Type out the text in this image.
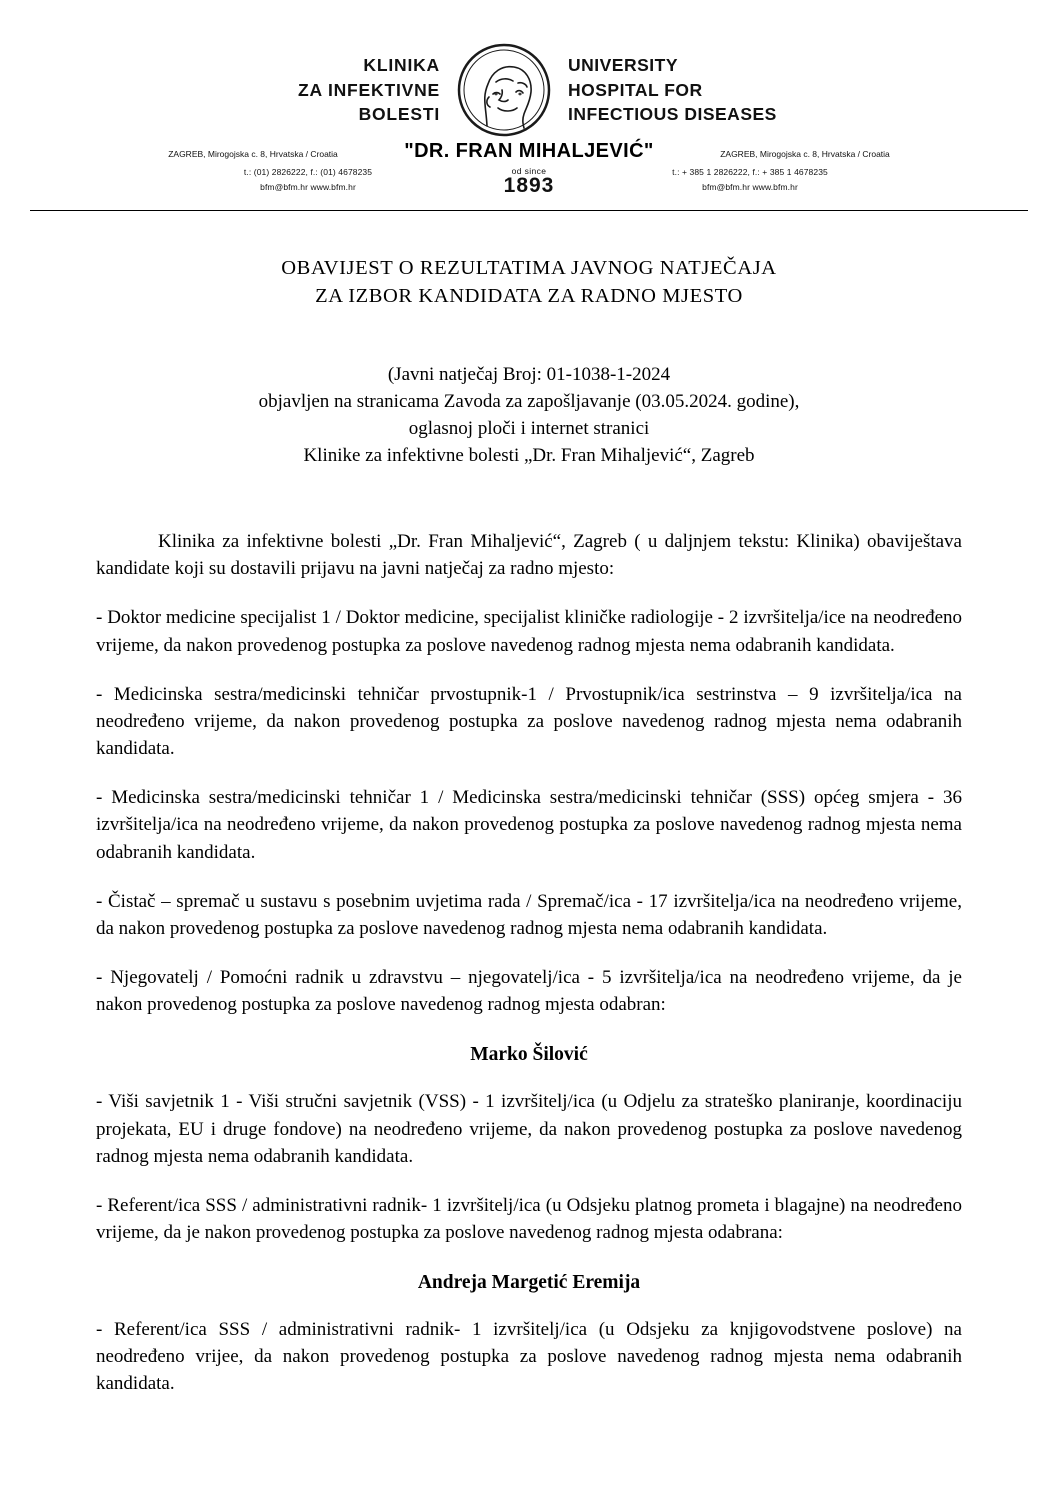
KLINIKA
ZA INFEKTIVNE
BOLESTI
UNIVERSITY
HOSPITAL FOR
INFECTIOUS DISEASES
ZAGREB, Mirogojska c. 8, Hrvatska / Croatia	"DR. FRAN MIHALJEVIĆ"	ZAGREB, Mirogojska c. 8, Hrvatska / Croatia
t.: (01) 2826222, f.: (01) 4678235
bfm@bfm.hr www.bfm.hr
od since
1893
t.: + 385 1 2826222, f.: + 385 1 4678235
bfm@bfm.hr www.bfm.hr
OBAVIJEST O REZULTATIMA JAVNOG NATJEČAJA
ZA IZBOR KANDIDATA ZA RADNO MJESTO
(Javni natječaj Broj: 01-1038-1-2024
objavljen na stranicama Zavoda za zapošljavanje (03.05.2024. godine),
oglasnoj ploči i internet stranici
Klinike za infektivne bolesti „Dr. Fran Mihaljević“, Zagreb

Klinika za infektivne bolesti „Dr. Fran Mihaljević“, Zagreb ( u daljnjem tekstu: Klinika) obaviještava kandidate koji su dostavili prijavu na javni natječaj za radno mjesto:

- Doktor medicine specijalist 1 / Doktor medicine, specijalist kliničke radiologije - 2 izvršitelja/ice na neodređeno vrijeme, da nakon provedenog postupka za poslove navedenog radnog mjesta nema odabranih kandidata.

- Medicinska sestra/medicinski tehničar prvostupnik-1 / Prvostupnik/ica sestrinstva – 9 izvršitelja/ica na neodređeno vrijeme, da nakon provedenog postupka za poslove navedenog radnog mjesta nema odabranih kandidata.

- Medicinska sestra/medicinski tehničar 1 / Medicinska sestra/medicinski tehničar (SSS) općeg smjera - 36 izvršitelja/ica na neodređeno vrijeme, da nakon provedenog postupka za poslove navedenog radnog mjesta nema odabranih kandidata.

- Čistač – spremač u sustavu s posebnim uvjetima rada / Spremač/ica - 17 izvršitelja/ica na neodređeno vrijeme, da nakon provedenog postupka za poslove navedenog radnog mjesta nema odabranih kandidata.

- Njegovatelj / Pomoćni radnik u zdravstvu – njegovatelj/ica - 5 izvršitelja/ica na neodređeno vrijeme, da je nakon provedenog postupka za poslove navedenog radnog mjesta odabran:

Marko Šilović

- Viši savjetnik 1 - Viši stručni savjetnik (VSS) - 1 izvršitelj/ica (u Odjelu za strateško planiranje, koordinaciju projekata, EU i druge fondove) na neodređeno vrijeme, da nakon provedenog postupka za poslove navedenog radnog mjesta nema odabranih kandidata.

- Referent/ica SSS / administrativni radnik- 1 izvršitelj/ica (u Odsjeku platnog prometa i blagajne) na neodređeno vrijeme, da je nakon provedenog postupka za poslove navedenog radnog mjesta odabrana:

Andreja Margetić Eremija

- Referent/ica SSS / administrativni radnik- 1 izvršitelj/ica (u Odsjeku za knjigovodstvene poslove) na neodređeno vrijee, da nakon provedenog postupka za poslove navedenog radnog mjesta nema odabranih kandidata.
